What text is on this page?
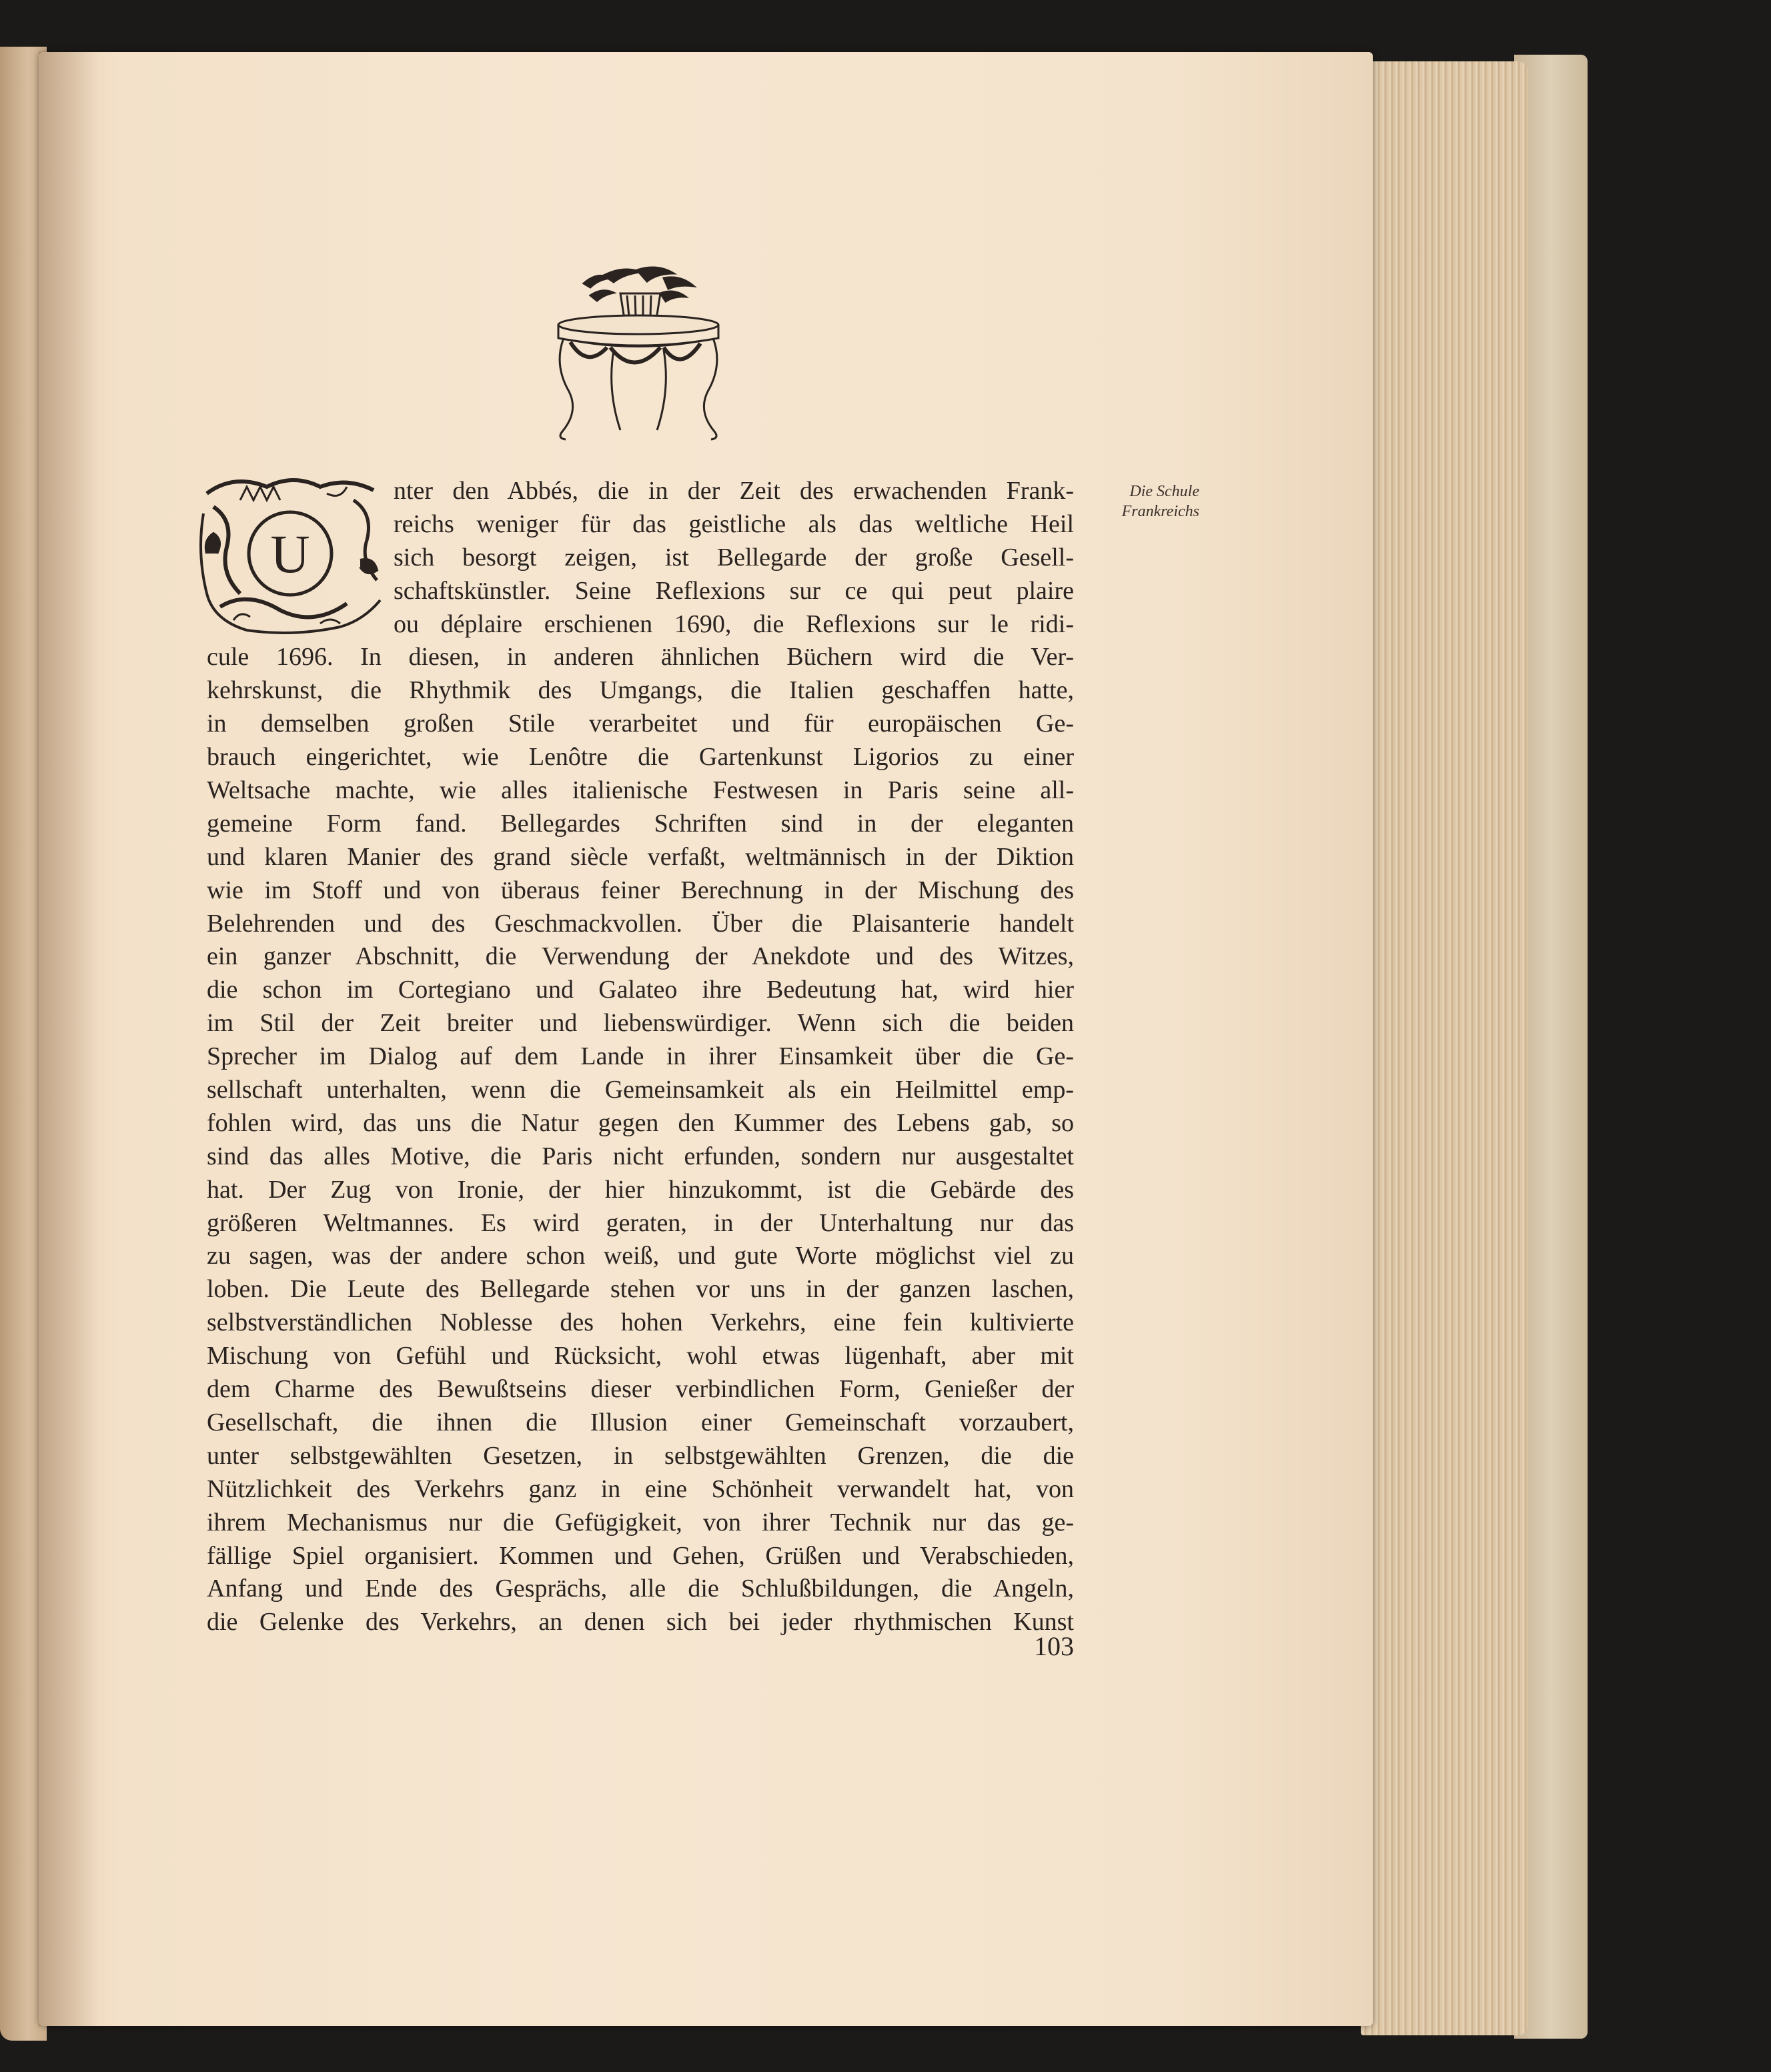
U
Die Schule
Frankreichs
nter den Abbés, die in der Zeit des erwachenden Frank-
reichs weniger für das geistliche als das weltliche Heil
sich besorgt zeigen, ist Bellegarde der große Gesell-
schaftskünstler. Seine Reflexions sur ce qui peut plaire
ou déplaire erschienen 1690, die Reflexions sur le ridi-
cule 1696. In diesen, in anderen ähnlichen Büchern wird die Ver-
kehrskunst, die Rhythmik des Umgangs, die Italien geschaffen hatte,
in demselben großen Stile verarbeitet und für europäischen Ge-
brauch eingerichtet, wie Lenôtre die Gartenkunst Ligorios zu einer
Weltsache machte, wie alles italienische Festwesen in Paris seine all-
gemeine Form fand. Bellegardes Schriften sind in der eleganten
und klaren Manier des grand siècle verfaßt, weltmännisch in der Diktion
wie im Stoff und von überaus feiner Berechnung in der Mischung des
Belehrenden und des Geschmackvollen. Über die Plaisanterie handelt
ein ganzer Abschnitt, die Verwendung der Anekdote und des Witzes,
die schon im Cortegiano und Galateo ihre Bedeutung hat, wird hier
im Stil der Zeit breiter und liebenswürdiger. Wenn sich die beiden
Sprecher im Dialog auf dem Lande in ihrer Einsamkeit über die Ge-
sellschaft unterhalten, wenn die Gemeinsamkeit als ein Heilmittel emp-
fohlen wird, das uns die Natur gegen den Kummer des Lebens gab, so
sind das alles Motive, die Paris nicht erfunden, sondern nur ausgestaltet
hat. Der Zug von Ironie, der hier hinzukommt, ist die Gebärde des
größeren Weltmannes. Es wird geraten, in der Unterhaltung nur das
zu sagen, was der andere schon weiß, und gute Worte möglichst viel zu
loben. Die Leute des Bellegarde stehen vor uns in der ganzen laschen,
selbstverständlichen Noblesse des hohen Verkehrs, eine fein kultivierte
Mischung von Gefühl und Rücksicht, wohl etwas lügenhaft, aber mit
dem Charme des Bewußtseins dieser verbindlichen Form, Genießer der
Gesellschaft, die ihnen die Illusion einer Gemeinschaft vorzaubert,
unter selbstgewählten Gesetzen, in selbstgewählten Grenzen, die die
Nützlichkeit des Verkehrs ganz in eine Schönheit verwandelt hat, von
ihrem Mechanismus nur die Gefügigkeit, von ihrer Technik nur das ge-
fällige Spiel organisiert. Kommen und Gehen, Grüßen und Verabschieden,
Anfang und Ende des Gesprächs, alle die Schlußbildungen, die Angeln,
die Gelenke des Verkehrs, an denen sich bei jeder rhythmischen Kunst
103
